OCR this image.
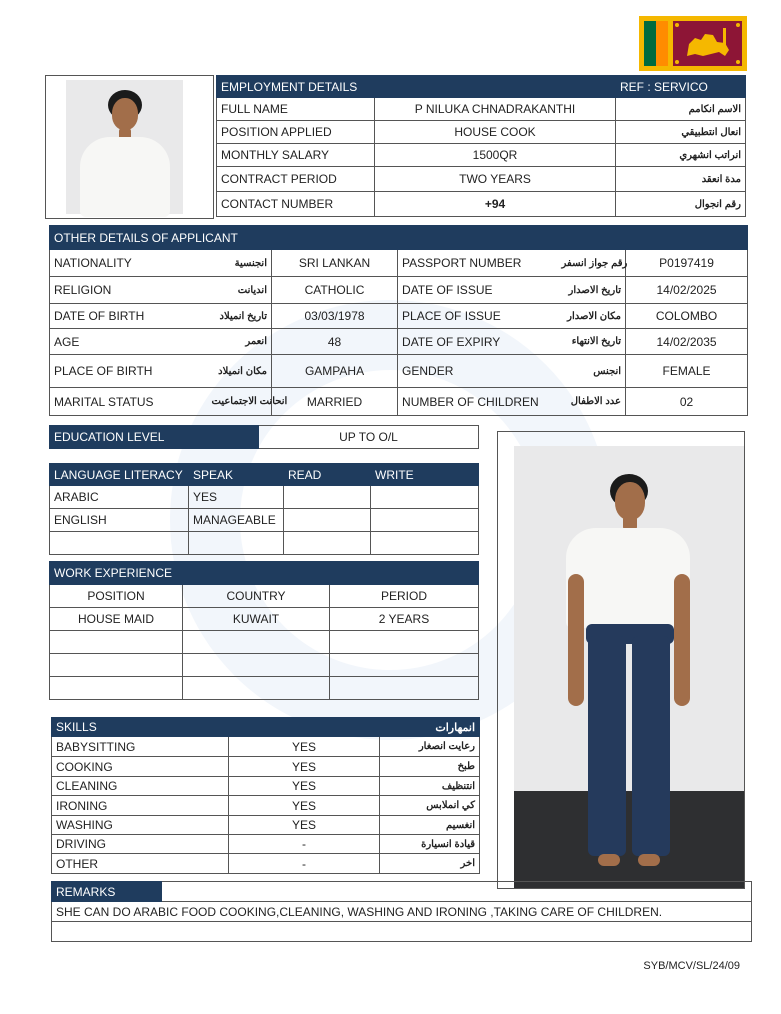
EMPLOYMENT DETAILS		REF : SERVICO
FULL NAME	P NILUKA CHNADRAKANTHI	الاسم انكامم
POSITION APPLIED	HOUSE COOK	انعال انتطبيقي
MONTHLY SALARY	1500QR	انراتب انشهري
CONTRACT PERIOD	TWO YEARS	مدة انعقد
CONTACT NUMBER	+94	رقم انجوال
OTHER DETAILS OF APPLICANT					
NATIONALITY	انجنسية	SRI LANKAN	PASSPORT NUMBER	رقم جواز انسفر	P0197419
RELIGION	انديانت	CATHOLIC	DATE OF ISSUE	تاريخ الاصدار	14/02/2025
DATE OF BIRTH	تاريخ انميلاد	03/03/1978	PLACE OF ISSUE	مكان الاصدار	COLOMBO
AGE	انعمر	48	DATE OF EXPIRY	تاريخ الانتهاء	14/02/2035
PLACE OF BIRTH	مكان انميلاد	GAMPAHA	GENDER	انجنس	FEMALE
MARITAL STATUS	انحانت الاجتماعيت	MARRIED	NUMBER OF CHILDREN	عدد الاطفال	02
EDUCATION LEVEL	UP TO O/L
LANGUAGE LITERACY	SPEAK	READ	WRITE
ARABIC	YES		
ENGLISH	MANAGEABLE		

WORK EXPERIENCE		
POSITION	COUNTRY	PERIOD
HOUSE MAID	KUWAIT	2 YEARS

SKILLS		انمهارات
BABYSITTING	YES	رعايت انصغار
COOKING	YES	طبخ
CLEANING	YES	انتنظيف
IRONING	YES	كي انملابس
WASHING	YES	انغسيم
DRIVING	-	قيادة انسيارة
OTHER	-	اخر
REMARKS	
SHE CAN DO ARABIC FOOD COOKING,CLEANING, WASHING AND IRONING ,TAKING CARE OF CHILDREN.

SYB/MCV/SL/24/09
